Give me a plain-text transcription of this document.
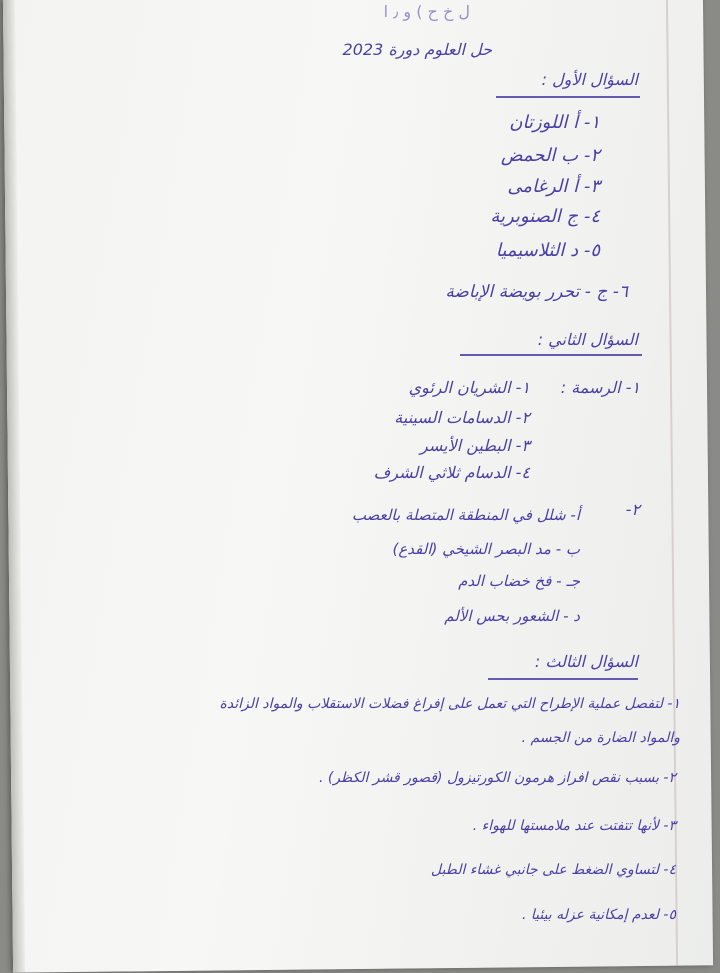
ل خ ح ) و ٫ ا
حل العلوم دورة 2023
السؤال الأول :
١- أ اللوزتان
٢- ب الحمض
٣- أ الرغامى
٤- ج الصنوبرية
٥- د الثلاسيميا
٦- ج - تحرر بويضة الإباضة
السؤال الثاني :
١- الرسمة :
١- الشريان الرئوي
٢- الدسامات السينية
٣- البطين الأيسر
٤- الدسام ثلاثي الشرف
٢-
أ- شلل في المنطقة المتصلة بالعصب
ب - مد البصر الشيخي (القدع)
جـ - فخ خضاب الدم
د - الشعور بحس الألم
السؤال الثالث :
١- لتفصل عملية الإطراح التي تعمل على إفراغ فضلات الاستقلاب والمواد الزائدة
والمواد الضارة من الجسم .
٢- بسبب نقص افراز هرمون الكورتيزول (قصور قشر الكظر) .
٣- لأنها تتفتت عند ملامستها للهواء .
٤- لتساوي الضغط على جانبي غشاء الطبل
٥- لعدم إمكانية عزله بيئيا .
